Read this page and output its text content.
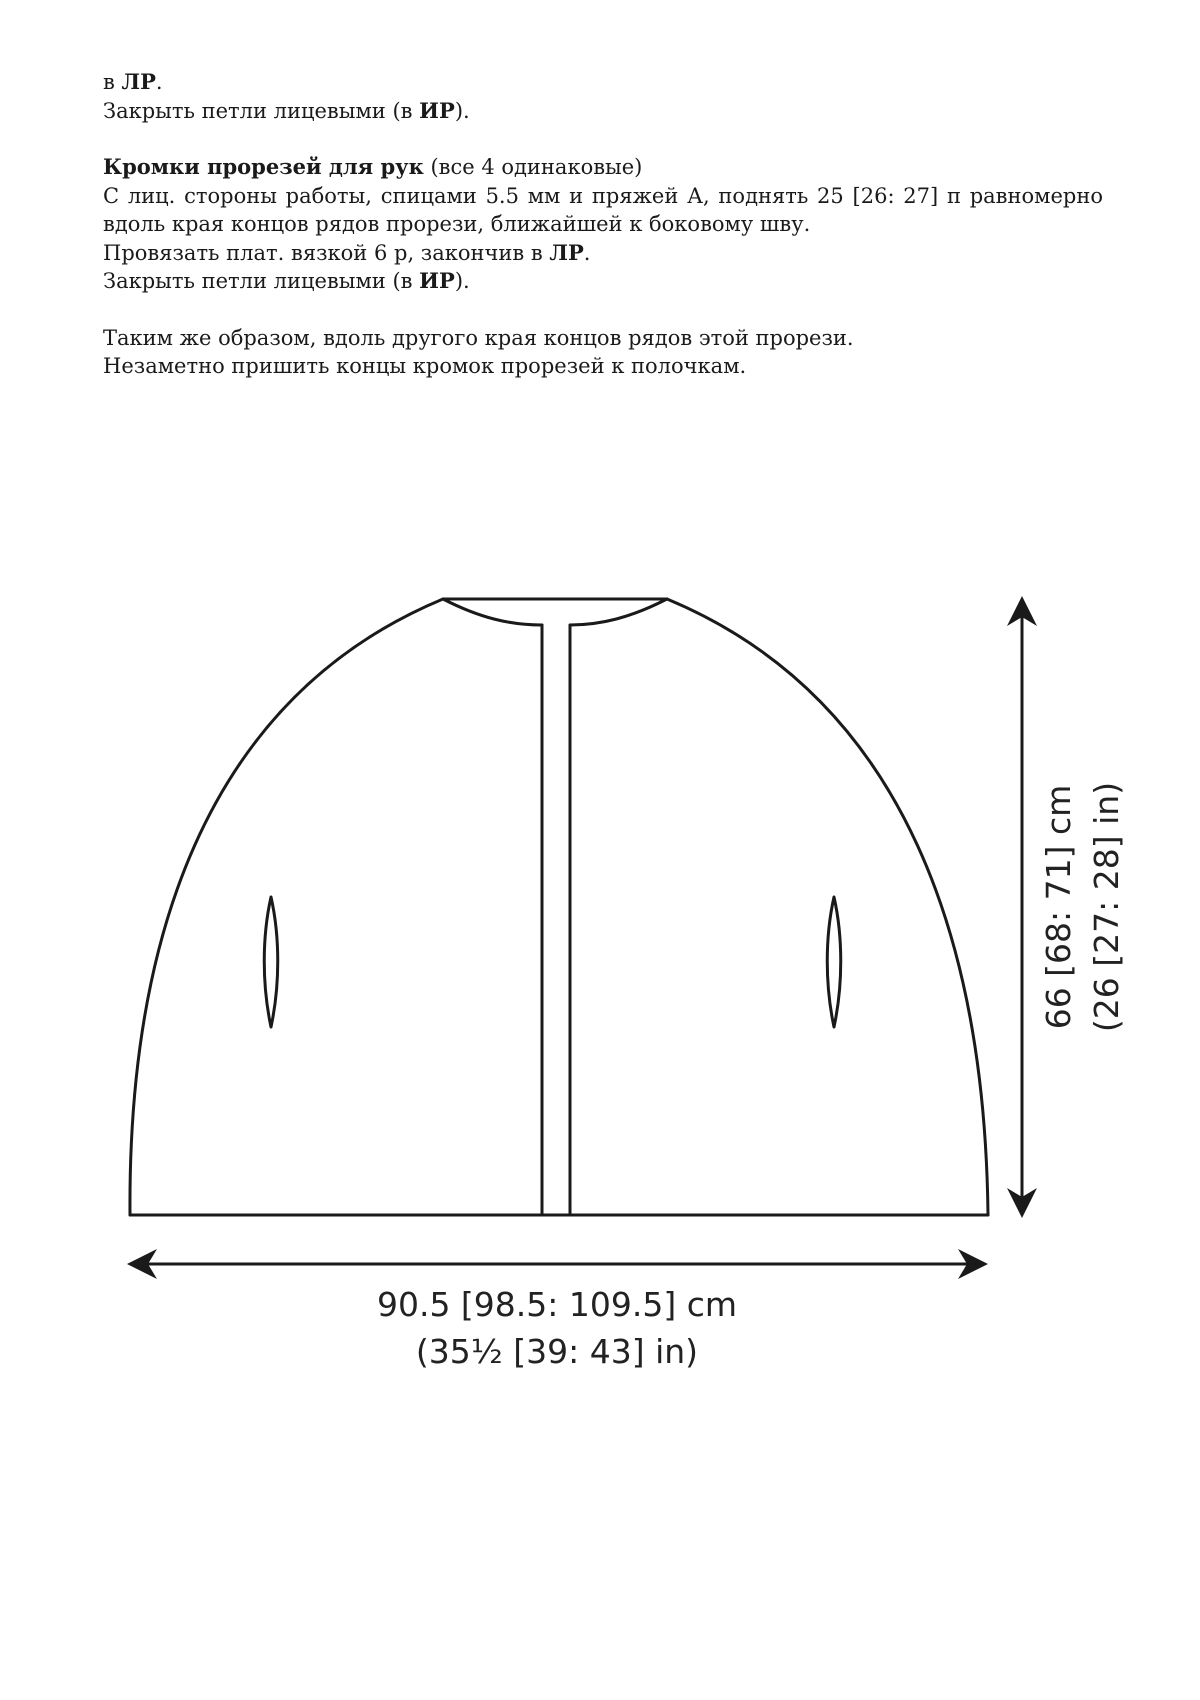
в ЛР.
Закрыть петли лицевыми (в ИР).
Кромки прорезей для рук (все 4 одинаковые)
С лиц. стороны работы, спицами 5.5 мм и пряжей А, поднять 25 [26: 27] п равномерно
вдоль края концов рядов прорези, ближайшей к боковому шву.
Провязать плат. вязкой 6 р, закончив в ЛР.
Закрыть петли лицевыми (в ИР).
Таким же образом, вдоль другого края концов рядов этой прорези.
Незаметно пришить концы кромок прорезей к полочкам.
90.5 [98.5: 109.5] cm
(35½ [39: 43] in)
66 [68: 71] cm (26 [27: 28] in)
